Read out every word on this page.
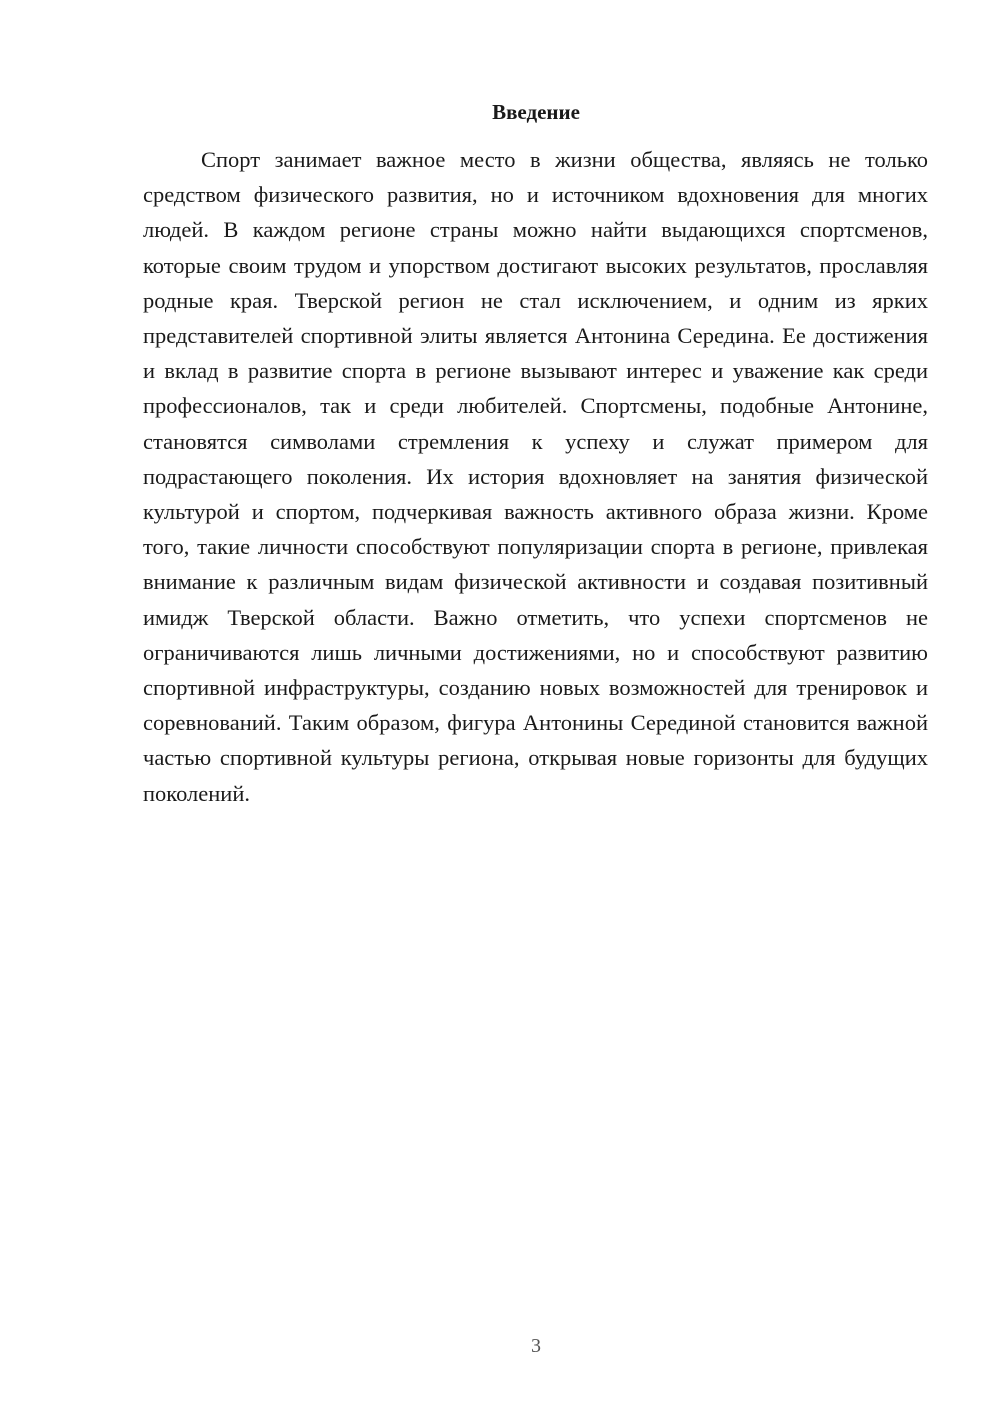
Введение

Спорт занимает важное место в жизни общества, являясь не только средством физического развития, но и источником вдохновения для многих людей. В каждом регионе страны можно найти выдающихся спортсменов, которые своим трудом и упорством достигают высоких результатов, прославляя родные края. Тверской регион не стал исключением, и одним из ярких представителей спортивной элиты является Антонина Середина. Ее достижения и вклад в развитие спорта в регионе вызывают интерес и уважение как среди профессионалов, так и среди любителей. Спортсмены, подобные Антонине, становятся символами стремления к успеху и служат примером для подрастающего поколения. Их история вдохновляет на занятия физической культурой и спортом, подчеркивая важность активного образа жизни. Кроме того, такие личности способствуют популяризации спорта в регионе, привлекая внимание к различным видам физической активности и создавая позитивный имидж Тверской области. Важно отметить, что успехи спортсменов не ограничиваются лишь личными достижениями, но и способствуют развитию спортивной инфраструктуры, созданию новых возможностей для тренировок и соревнований. Таким образом, фигура Антонины Серединой становится важной частью спортивной культуры региона, открывая новые горизонты для будущих поколений.

3
